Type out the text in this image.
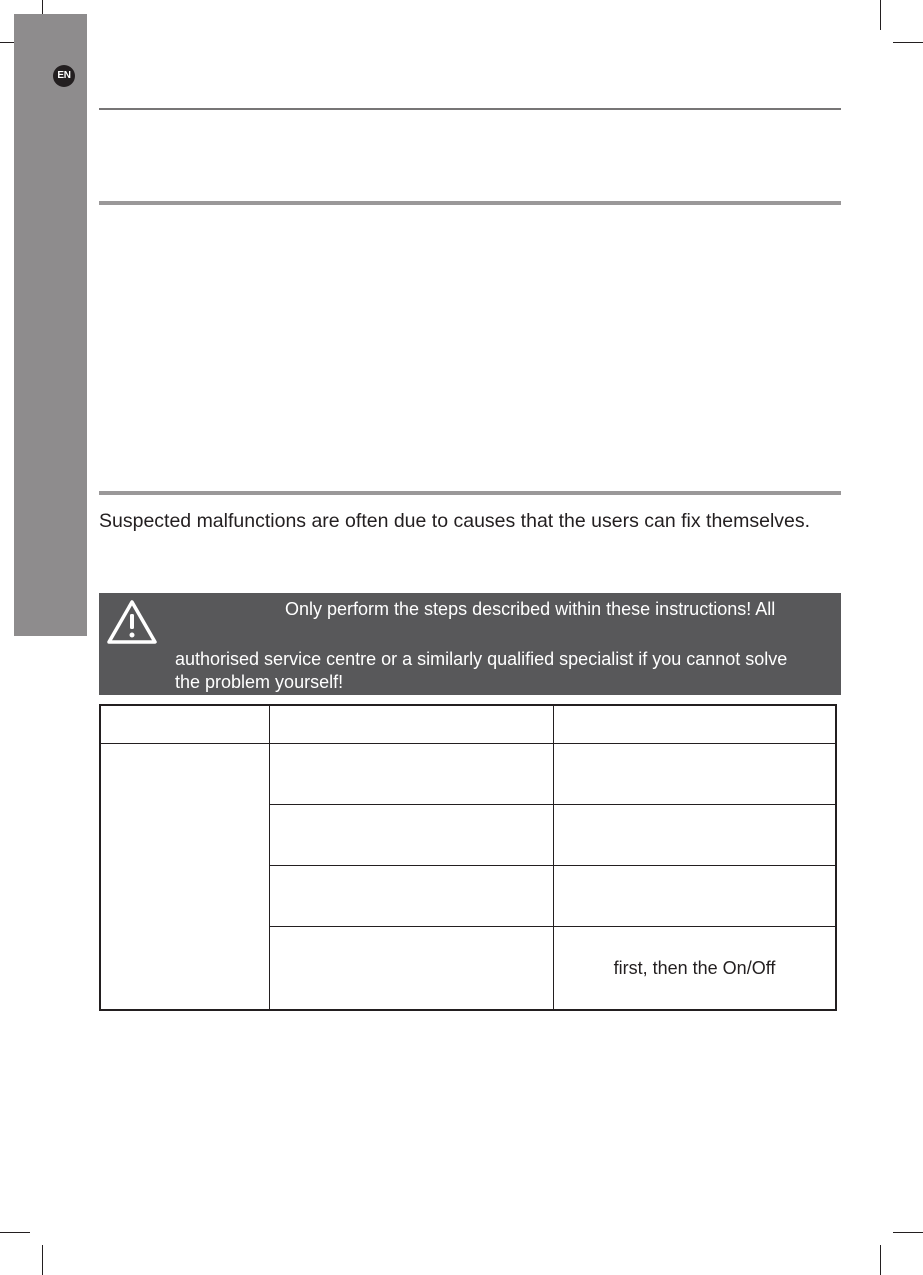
EN
Suspected malfunctions are often due to causes that the users can fix themselves.
Only perform the steps described within these instructions! All
authorised service centre or a similarly qualified specialist if you cannot solve
the problem yourself!
first, then the On/Off
